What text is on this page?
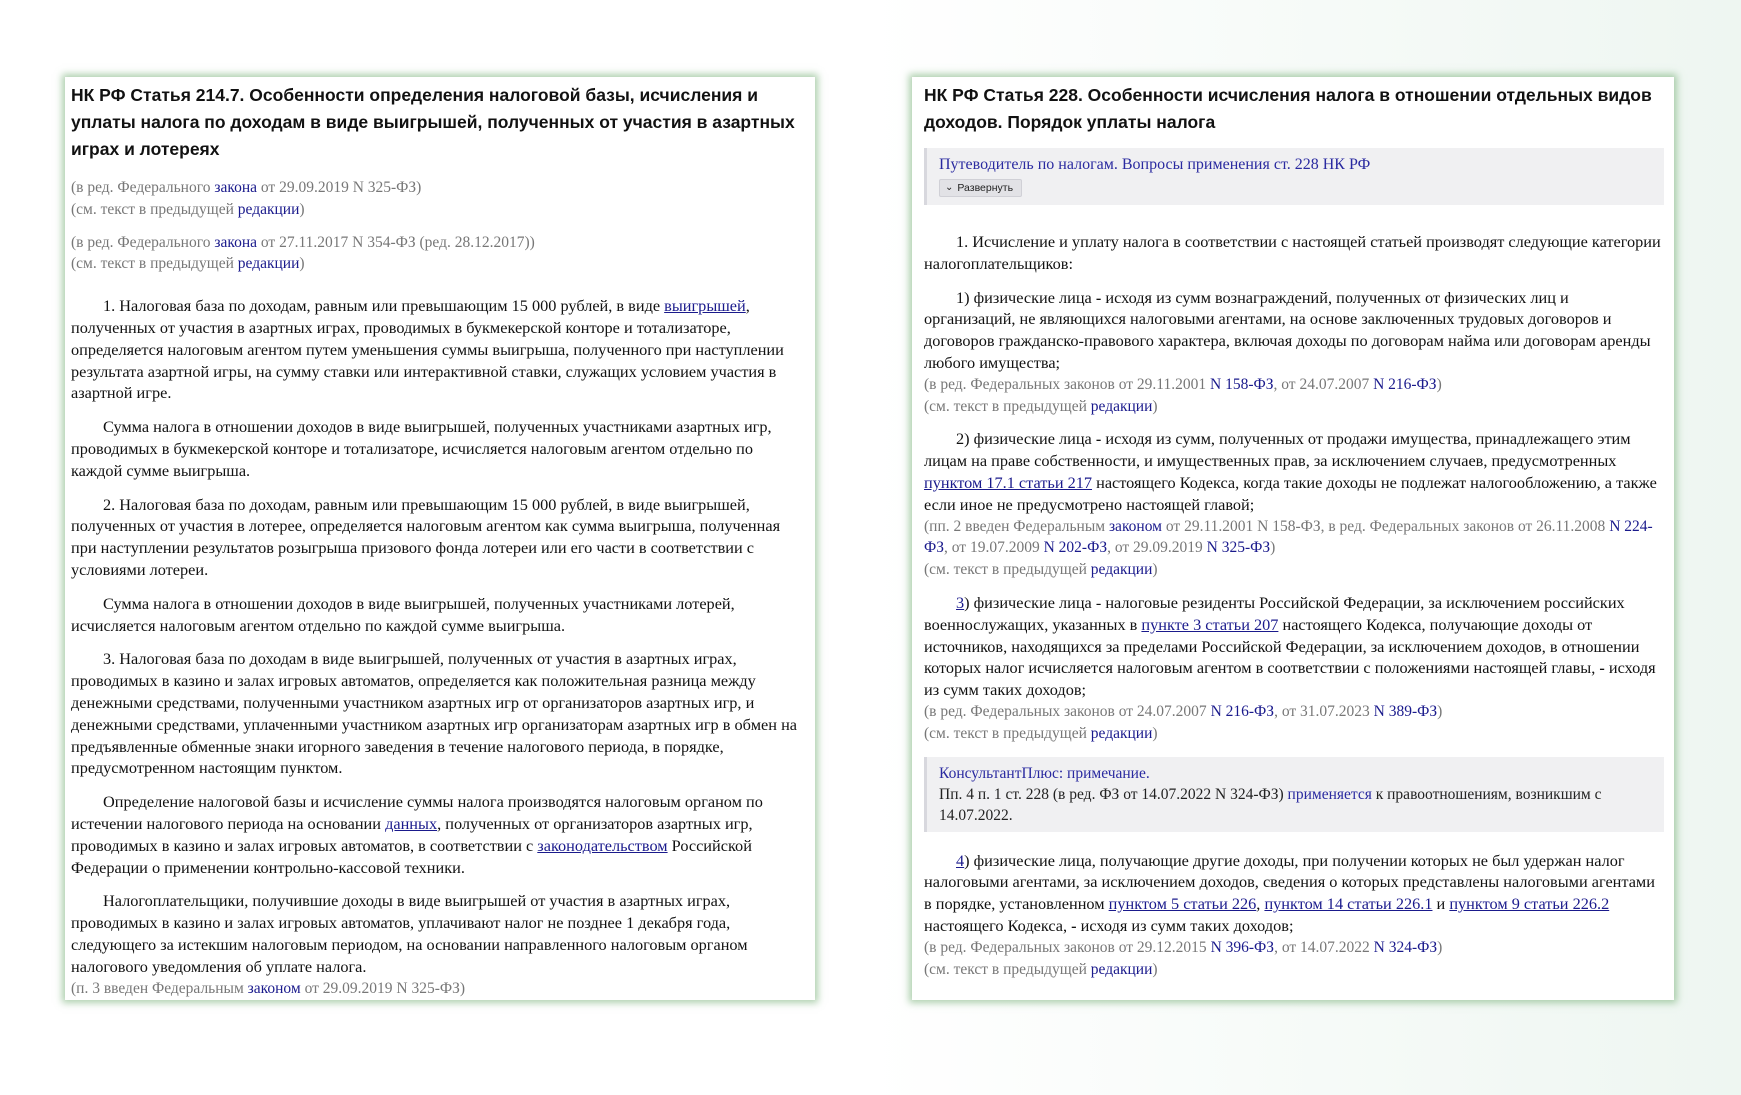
НК РФ Статья 214.7. Особенности определения налоговой базы, исчисления и уплаты налога по доходам в виде выигрышей, полученных от участия в азартных играх и лотереях
(в ред. Федерального закона от 29.09.2019 N 325-ФЗ)
(см. текст в предыдущей редакции)
(в ред. Федерального закона от 27.11.2017 N 354-ФЗ (ред. 28.12.2017))
(см. текст в предыдущей редакции)
1. Налоговая база по доходам, равным или превышающим 15 000 рублей, в виде выигрышей, полученных от участия в азартных играх, проводимых в букмекерской конторе и тотализаторе, определяется налоговым агентом путем уменьшения суммы выигрыша, полученного при наступлении результата азартной игры, на сумму ставки или интерактивной ставки, служащих условием участия в азартной игре.
Сумма налога в отношении доходов в виде выигрышей, полученных участниками азартных игр, проводимых в букмекерской конторе и тотализаторе, исчисляется налоговым агентом отдельно по каждой сумме выигрыша.
2. Налоговая база по доходам, равным или превышающим 15 000 рублей, в виде выигрышей, полученных от участия в лотерее, определяется налоговым агентом как сумма выигрыша, полученная при наступлении результатов розыгрыша призового фонда лотереи или его части в соответствии с условиями лотереи.
Сумма налога в отношении доходов в виде выигрышей, полученных участниками лотерей, исчисляется налоговым агентом отдельно по каждой сумме выигрыша.
3. Налоговая база по доходам в виде выигрышей, полученных от участия в азартных играх, проводимых в казино и залах игровых автоматов, определяется как положительная разница между денежными средствами, полученными участником азартных игр от организаторов азартных игр, и денежными средствами, уплаченными участником азартных игр организаторам азартных игр в обмен на предъявленные обменные знаки игорного заведения в течение налогового периода, в порядке, предусмотренном настоящим пунктом.
Определение налоговой базы и исчисление суммы налога производятся налоговым органом по истечении налогового периода на основании данных, полученных от организаторов азартных игр, проводимых в казино и залах игровых автоматов, в соответствии с законодательством Российской Федерации о применении контрольно-кассовой техники.
Налогоплательщики, получившие доходы в виде выигрышей от участия в азартных играх, проводимых в казино и залах игровых автоматов, уплачивают налог не позднее 1 декабря года, следующего за истекшим налоговым периодом, на основании направленного налоговым органом налогового уведомления об уплате налога.
(п. 3 введен Федеральным законом от 29.09.2019 N 325-ФЗ)
НК РФ Статья 228. Особенности исчисления налога в отношении отдельных видов доходов. Порядок уплаты налога
Путеводитель по налогам. Вопросы применения ст. 228 НК РФ
⌄ Развернуть
1. Исчисление и уплату налога в соответствии с настоящей статьей производят следующие категории налогоплательщиков:
1) физические лица - исходя из сумм вознаграждений, полученных от физических лиц и организаций, не являющихся налоговыми агентами, на основе заключенных трудовых договоров и договоров гражданско-правового характера, включая доходы по договорам найма или договорам аренды любого имущества;
(в ред. Федеральных законов от 29.11.2001 N 158-ФЗ, от 24.07.2007 N 216-ФЗ)
(см. текст в предыдущей редакции)
2) физические лица - исходя из сумм, полученных от продажи имущества, принадлежащего этим лицам на праве собственности, и имущественных прав, за исключением случаев, предусмотренных пунктом 17.1 статьи 217 настоящего Кодекса, когда такие доходы не подлежат налогообложению, а также если иное не предусмотрено настоящей главой;
(пп. 2 введен Федеральным законом от 29.11.2001 N 158-ФЗ, в ред. Федеральных законов от 26.11.2008 N 224-ФЗ, от 19.07.2009 N 202-ФЗ, от 29.09.2019 N 325-ФЗ)
(см. текст в предыдущей редакции)
3) физические лица - налоговые резиденты Российской Федерации, за исключением российских военнослужащих, указанных в пункте 3 статьи 207 настоящего Кодекса, получающие доходы от источников, находящихся за пределами Российской Федерации, за исключением доходов, в отношении которых налог исчисляется налоговым агентом в соответствии с положениями настоящей главы, - исходя из сумм таких доходов;
(в ред. Федеральных законов от 24.07.2007 N 216-ФЗ, от 31.07.2023 N 389-ФЗ)
(см. текст в предыдущей редакции)
КонсультантПлюс: примечание.
Пп. 4 п. 1 ст. 228 (в ред. ФЗ от 14.07.2022 N 324-ФЗ) применяется к правоотношениям, возникшим с 14.07.2022.
4) физические лица, получающие другие доходы, при получении которых не был удержан налог налоговыми агентами, за исключением доходов, сведения о которых представлены налоговыми агентами в порядке, установленном пунктом 5 статьи 226, пунктом 14 статьи 226.1 и пунктом 9 статьи 226.2 настоящего Кодекса, - исходя из сумм таких доходов;
(в ред. Федеральных законов от 29.12.2015 N 396-ФЗ, от 14.07.2022 N 324-ФЗ)
(см. текст в предыдущей редакции)
